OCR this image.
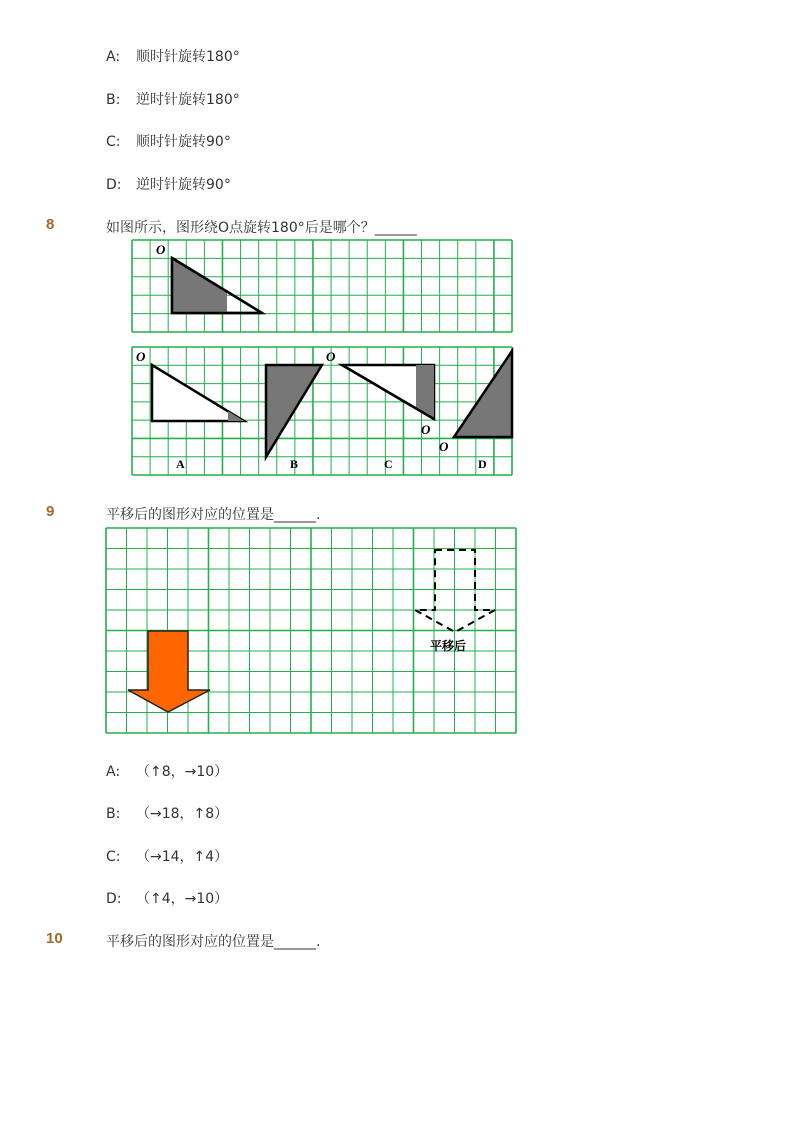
A: 顺时针旋转180°
B: 逆时针旋转180°
C: 顺时针旋转90°
D: 逆时针旋转90°
8	如图所示，图形绕O点旋转180°后是哪个？______
O
O
A	B
O
O
C
O
D
9	平移后的图形对应的位置是______.
平移后
A: （↑8，→10）
B: （→18，↑8）
C: （→14，↑4）
D: （↑4，→10）
10	平移后的图形对应的位置是______.
